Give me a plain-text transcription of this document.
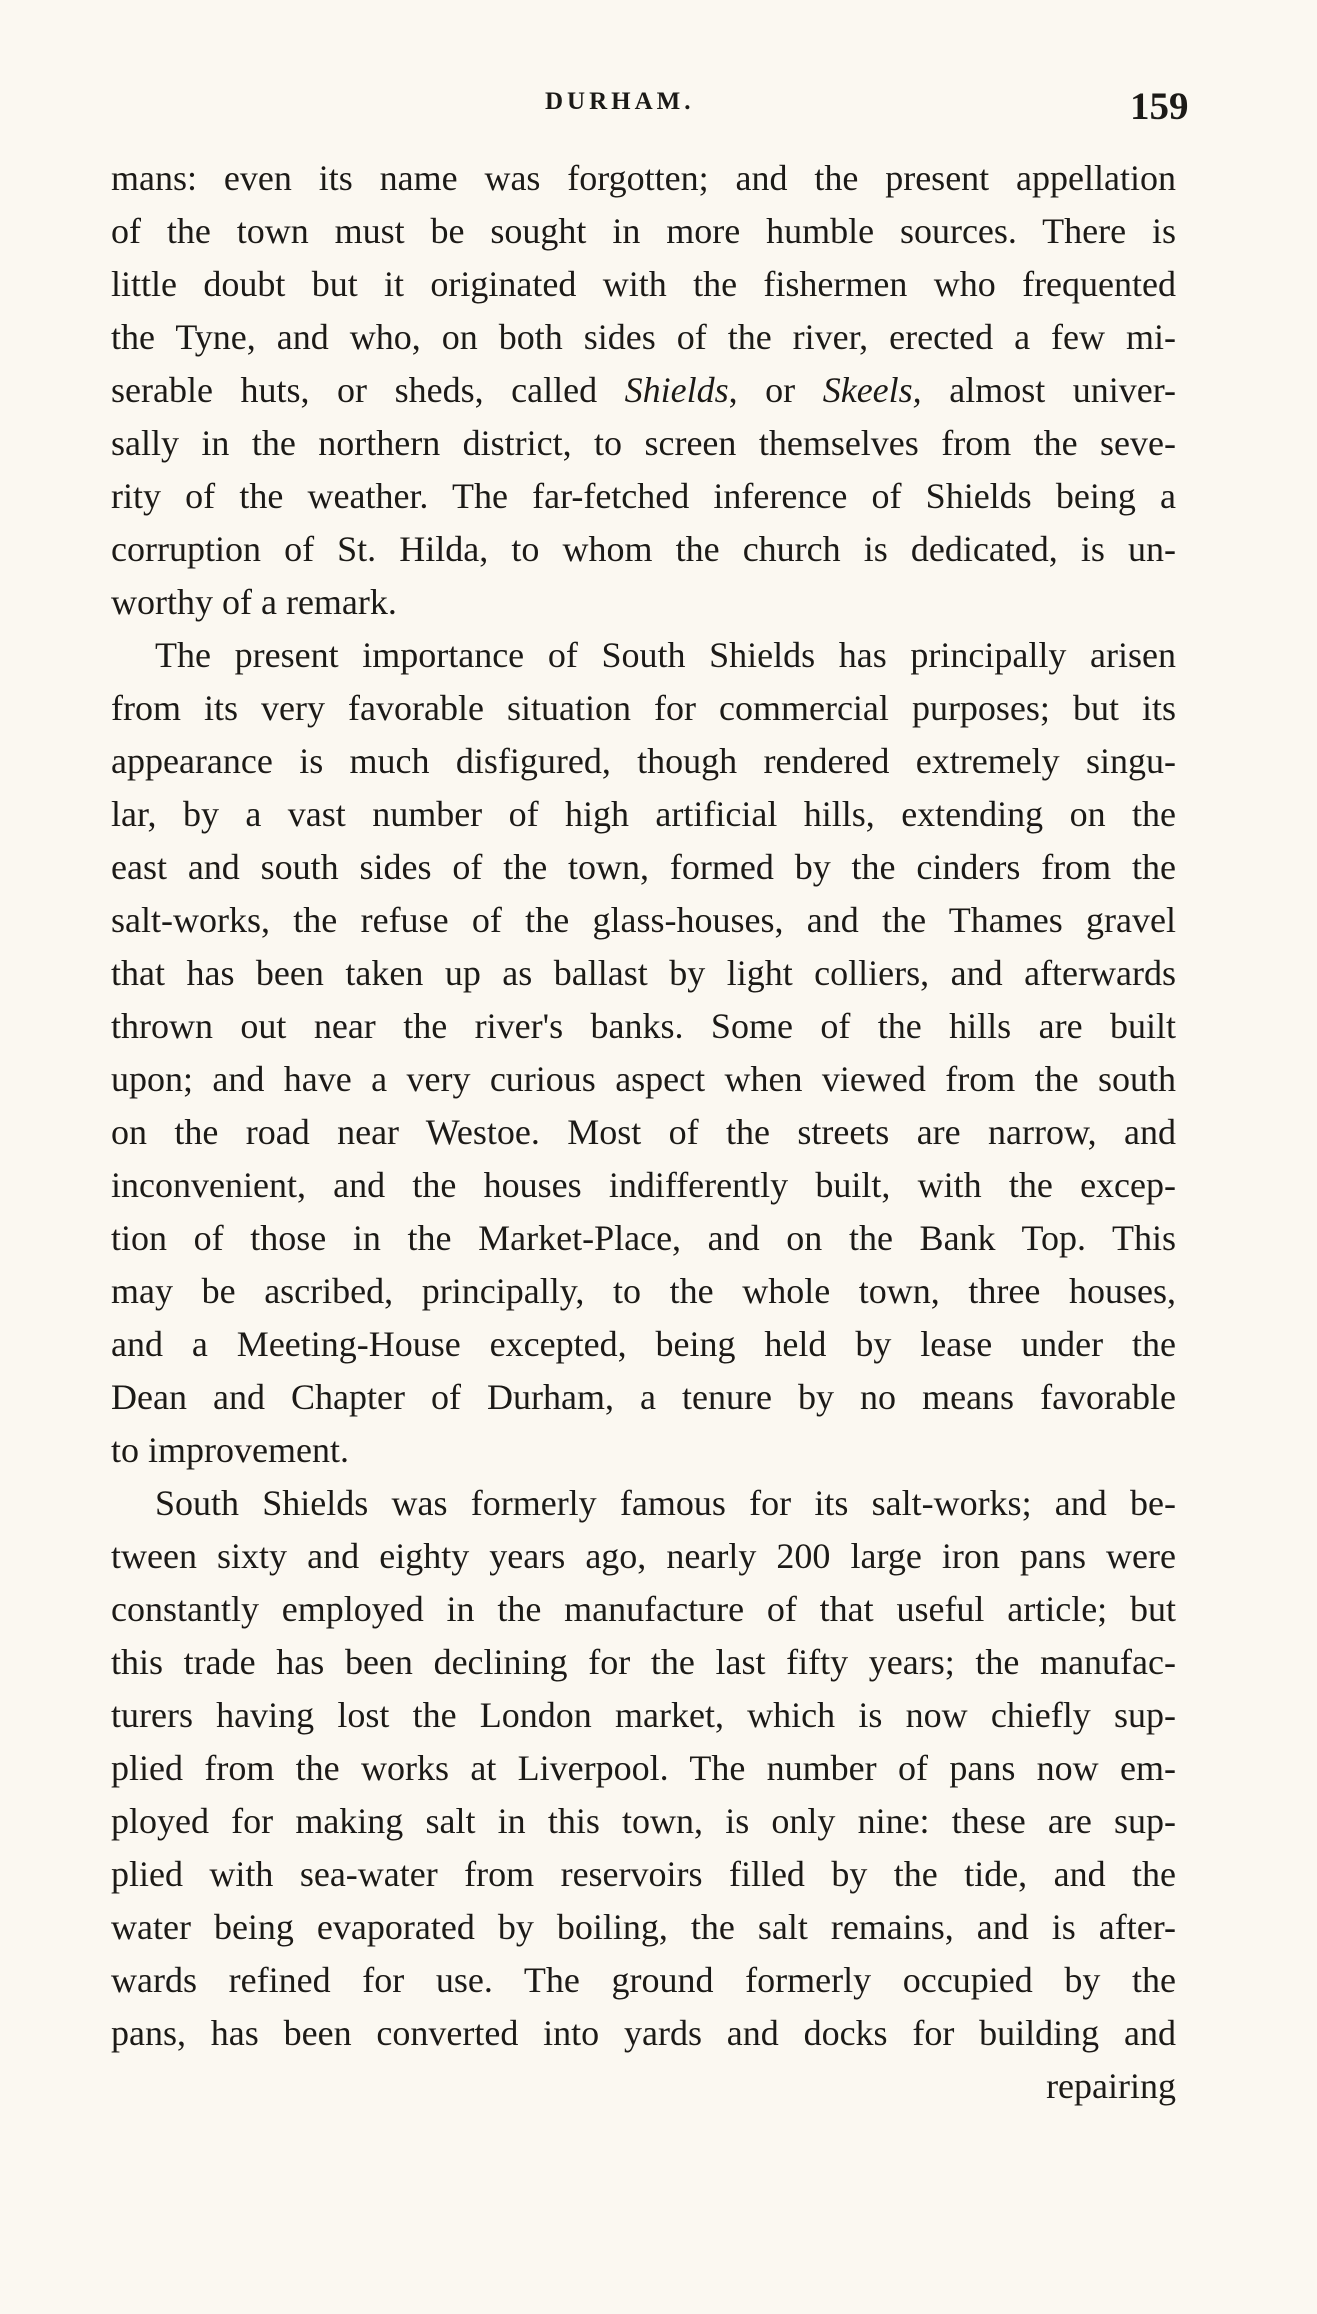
DURHAM.	159
mans: even its name was forgotten; and the present appellation
of the town must be sought in more humble sources. There is
little doubt but it originated with the fishermen who frequented
the Tyne, and who, on both sides of the river, erected a few mi-
serable huts, or sheds, called Shields, or Skeels, almost univer-
sally in the northern district, to screen themselves from the seve-
rity of the weather. The far-fetched inference of Shields being a
corruption of St. Hilda, to whom the church is dedicated, is un-
worthy of a remark.
The present importance of South Shields has principally arisen
from its very favorable situation for commercial purposes; but its
appearance is much disfigured, though rendered extremely singu-
lar, by a vast number of high artificial hills, extending on the
east and south sides of the town, formed by the cinders from the
salt-works, the refuse of the glass-houses, and the Thames gravel
that has been taken up as ballast by light colliers, and afterwards
thrown out near the river's banks. Some of the hills are built
upon; and have a very curious aspect when viewed from the south
on the road near Westoe. Most of the streets are narrow, and
inconvenient, and the houses indifferently built, with the excep-
tion of those in the Market-Place, and on the Bank Top. This
may be ascribed, principally, to the whole town, three houses,
and a Meeting-House excepted, being held by lease under the
Dean and Chapter of Durham, a tenure by no means favorable
to improvement.
South Shields was formerly famous for its salt-works; and be-
tween sixty and eighty years ago, nearly 200 large iron pans were
constantly employed in the manufacture of that useful article; but
this trade has been declining for the last fifty years; the manufac-
turers having lost the London market, which is now chiefly sup-
plied from the works at Liverpool. The number of pans now em-
ployed for making salt in this town, is only nine: these are sup-
plied with sea-water from reservoirs filled by the tide, and the
water being evaporated by boiling, the salt remains, and is after-
wards refined for use. The ground formerly occupied by the
pans, has been converted into yards and docks for building and
repairing
